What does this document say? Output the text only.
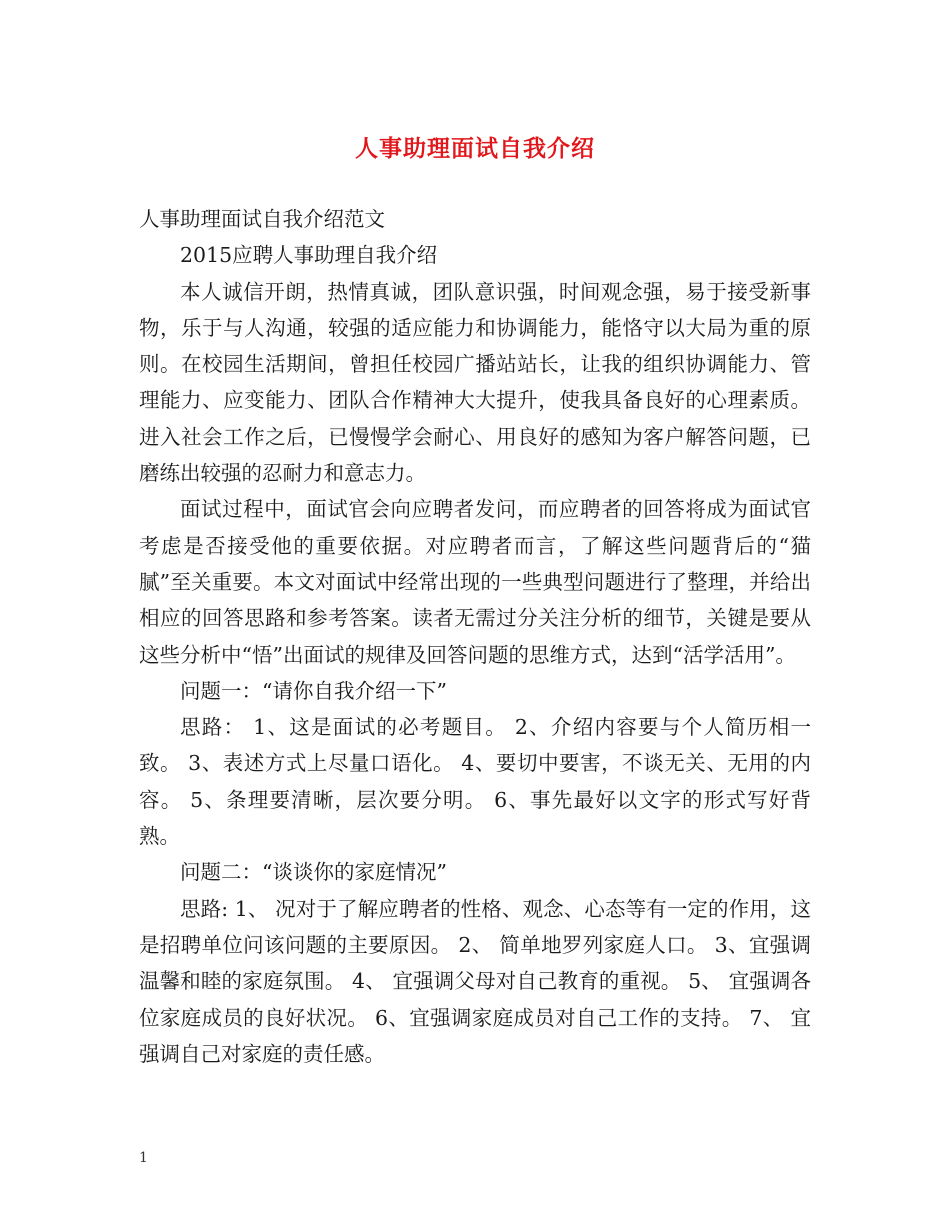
人事助理面试自我介绍

人事助理面试自我介绍范文

2015应聘人事助理自我介绍

本人诚信开朗，热情真诚，团队意识强，时间观念强，易于接受新事物，乐于与人沟通，较强的适应能力和协调能力，能恪守以大局为重的原则。在校园生活期间，曾担任校园广播站站长，让我的组织协调能力、管理能力、应变能力、团队合作精神大大提升，使我具备良好的心理素质。进入社会工作之后，已慢慢学会耐心、用良好的感知为客户解答问题，已磨练出较强的忍耐力和意志力。

面试过程中，面试官会向应聘者发问，而应聘者的回答将成为面试官考虑是否接受他的重要依据。对应聘者而言，了解这些问题背后的“猫腻”至关重要。本文对面试中经常出现的一些典型问题进行了整理，并给出相应的回答思路和参考答案。读者无需过分关注分析的细节，关键是要从这些分析中“悟”出面试的规律及回答问题的思维方式，达到“活学活用”。

问题一：“请你自我介绍一下”

思路： 1、这是面试的必考题目。 2、介绍内容要与个人简历相一致。 3、表述方式上尽量口语化。 4、要切中要害，不谈无关、无用的内容。 5、条理要清晰，层次要分明。 6、事先最好以文字的形式写好背熟。

问题二：“谈谈你的家庭情况”

思路: 1、 况对于了解应聘者的性格、观念、心态等有一定的作用，这是招聘单位问该问题的主要原因。 2、 简单地罗列家庭人口。 3、宜强调温馨和睦的家庭氛围。 4、 宜强调父母对自己教育的重视。 5、 宜强调各位家庭成员的良好状况。 6、宜强调家庭成员对自己工作的支持。 7、 宜强调自己对家庭的责任感。

1
